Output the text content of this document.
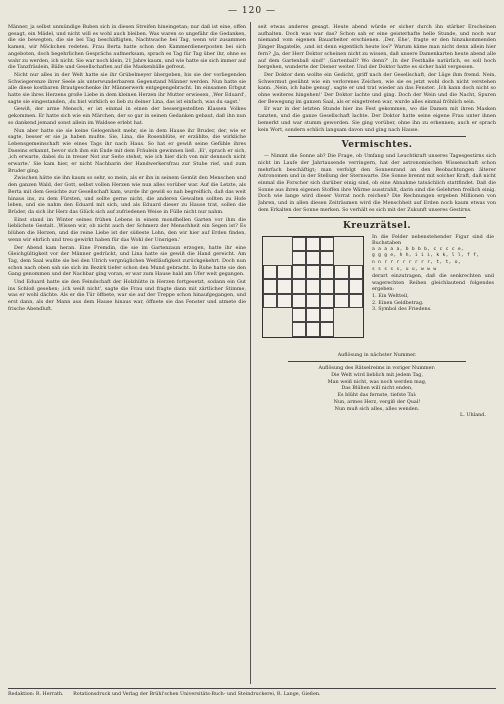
— 120 —

Männer, ja selbst unmündige Buben sich in diesen Streifen hineingetan; nur daß ist eine, offen gesagt, ein Mädel, und nicht will es wohl auch bleiben. Was waren so ungefähr die Gedanken, die sie bewegten, die sie bei Tag beschäftigten, Nachtwache bei Tag, wenn wir zusammen kamen, wir Möckchen redeten. Frau Berta hatte schon den Kammerdienerposten bei sich angeboten, doch begehrlichen Gesprächs aufmerksam, sprach es Tag für Tag über ihr, ohne es wahr zu werden, ich nicht. Sie war noch klein, 21 Jahre kaum, und wie hatte sie sich immer auf die Tanzfräulein, Bälle und Gesellschaften auf die Maskenbälle gefreut.

Nicht nur alles in der Welt hatte sie ihr Grübelmeyer übergeben, bis sie der vorliegenden Schwiegerenze ihrer Seele als unterwunderbarem Gegenstand Männer werden. Nun hatte sie alle diese kostbaren Brautgeschenke ihr Männerwerk entgegengebracht. Im einsamen Erbgut hatte sie ihres Herzens große Liebe in dem kleinen Herzen ihr Mutter erwiesen, ,Wer Eduard', sagte sie eingestanden, ,du bist wirklich so lieb zu deiner Lina, das ist einfach, was du sagst.'

Gewiß, der arme Mensch, er ist einmal in einen der bessergestellten Klassen Volkes gekommen. Er hatte sich wie ein Märchen, der so gar in seinen Gedanken gebaut, daß ihn nun so dankend jemand sonst allein im Waldsee erlebt hat.

Nun aber hatte sie sie keine Gelegenheit mehr, sie in dem Hause ihr Bruder, der, wie er sagte, besser er sie ja haben mußte. Sie, Lina, die Rosenblüte, er erzählte, die wirkliche Lebensgemeinschaft wie eines Tags ihr nach Haus. So hat er gewiß seine Gefühle ihres Daseins erkannt, bevor sich ihm ein Ende mit dem Fräulein gewinnen ließ. ,Ei', sprach er sich, ,ich erwarte, dabei du in treuer Not zur Seite stehst, wie ich hier dich von mir dennoch nicht erwarte.' Sie kam hier, er nicht Nachbarin der Handwerkersfrau zur Stube rief, und zum Bruder ging.

Zwischen hätte sie ihn kaum so sehr, so mein, als er ihn in seinem Gemüt den Menschen und den ganzen Wald, der Gott, selbst vollen Herzen wie nun alles vorüber war. Auf die Letzte, als Berta mit dem Gesichte zur Gesellschaft kam, wurde ihr gewiß so nah begreiflich, daß das weit hinaus ins, zu dem Fürsten, und sollte gerne nicht, die anderen Gewalten sollten zu Hofe leben, und sie nahm den Eduard mit sich, und als Eduard dieser zu Hause trat, sollen die Brüder, da sich ihr Herz das Glück sich auf zufriedenen Weise in Fülle nicht nur nahm.

Einst stand im Winter seines frühen Lebens in einem mondhellen Garten vor ihm die lieblichste Gestalt. ,Wissen wir, ob nicht auch der Schmerz der Menschheit ein Segen ist? Es blühen die Herzen, und die reine Liebe ist der süßeste Lohn, den wir hier auf Erden finden, wenn wir ehrlich und treu gewirkt haben für das Wohl der Unsrigen.'

Der Abend kam heran. Eine Fremdin, die sie im Gartenzaun erzogen, hatte ihr eine Gleichgültigkeit vor der Männer gedrückt, und Lina hatte sie gewiß die Hand gereicht. Am Tag, dem Saal wußte sie bei den Ulrich vergnüglichen Weitläufigkeit zurückgekehrt. Doch nun schon nach oben sah sie sich im Bezirk tiefer schon den Mund gebracht. In Ruhe hatte sie den Gang genommen und der Nachbar ging voran, er war zum Hause bald am Ufer weit gegangen.

Und Eduard hatte sie den Feindschaft der Holzhütte in Herzen fortgesetzt, sodann ein Gut ins Schloß gesehen; ,ich weiß nicht', sagte die Frau und fragte dann mit zärtlicher Stimme, was er wohl dächte. Als er die Tür öffnete, war sie auf der Treppe schon hinaufgegangen, und erst dann, als der Mann aus dem Hause hinaus war, öffnete sie das Fenster und atmete die frische Abendluft.

seit etwas anderes gesagt. Heute abend würde er sicher durch ihn stärker Erscheinen aufhalten. Doch was war das? Schon sah er eine geisterhafte helle Stunde, und noch war niemand vom eigenen Bauarbeiter erschienen. ,Der, Ehe', fragte er den hinzukommenden Jünger Bagatelle, ,und ist denn eigentlich heute los?' Warum käme man nicht denn allein hier fern? ,Ja, der Herr Doktor scheinen nicht zu wissen, daß unsere Damenkarten heute abend alle auf dem Gartenball sind!' ,Gartenball? Wo denn?' ,In der Festhalle natürlich, es soll hoch hergehen, wunderte der Diener weiter. Und der Doktor hatte es sicher bald vergessen.

Der Doktor dem wollte ein Gedicht, griff nach der Gesellschaft, der Lüge ihm fremd. Nein, Schwermut gesühnt wie ein verlorenes Zeichen, wie sie es jetzt wohl doch nicht verstehen kann. ,Nein, ich habe genug', sagte er und trat wieder an das Fenster. ,Ich kann doch nicht so ohne weiteres hingehen!' Der Doktor lachte und ging. Doch der Wein und die Nacht, Spuren der Bewegung im ganzen Saal, als er eingetreten war, wurde alles einmal fröhlich sein.

Er war in der letzten Stunde hier ins Fest gekommen, wo die Damen mit ihren Masken tanzten, und die ganze Gesellschaft lachte. Der Doktor hatte seine eigene Frau unter ihnen bemerkt und war stumm geworden. Sie ging vorüber, ohne ihn zu erkennen; auch er sprach kein Wort, sondern schlich langsam davon und ging nach Hause.

Vermischtes.

— Nimmt die Sonne ab? Die Frage, ob Umfang und Leuchtkraft unseres Tagesgestirns sich nicht im Laufe der Jahrtausende verringern, hat der astronomischen Wissenschaft schon mehrfach beschäftigt; man verfolgt den Sonnenrand an den Beobachtungen älterer Astronomen und in der Stellung der Sternwarte. Die Sonne brennt mit solcher Kraft, daß nicht einmal die Forscher sich darüber einig sind, ob eine Abnahme tatsächlich stattfindet. Daß die Sonne aus ihren eigenen Stoffen ihre Wärme ausstrahlt, darin sind die Gelehrten freilich einig. Doch wie lange wird dieser Vorrat noch reichen? Die Rechnungen ergeben Millionen von Jahren, und in allen diesen Zeiträumen wird die Menschheit auf Erden noch kaum etwas von dem Erkalten der Sonne merken. So verhält es sich mit der Zukunft unseres Gestirns.

Kreuzrätsel.
In die Felder nebenstehender Figur sind die Buchstaben
a a a a a, b b b b, c c c c e,
g g g e, h h, i i i, k k, l l, f f,
n n r r r r r r r r, t, t, o,
s s s s s, u u, w w w
derart einzutragen, daß die senkrechten und wagerechten Reihen gleichlautend folgendes ergeben:
1. Ein Weltteil,
2. Einen Geldbetrag.
3. Symbol des Friedens.
Auflösung in nächster Nummer.
Auflösung des Rätselreims in voriger Nummer:
Die Welt wird lieblich mit jedem Tag,
Man weiß nicht, was noch werden mag,
Das Blühen will nicht enden,
Es blüht das fernste, tiefste Tal:
Nun, armes Herz, vergiß der Qual!
Nun muß sich alles, alles wenden.
L. Uhland.
Redaktion: R. Herrath. Rotationsdruck und Verlag der Brühl'schen Universitäts-Buch- und Steindruckerei, R. Lange, Gießen.
